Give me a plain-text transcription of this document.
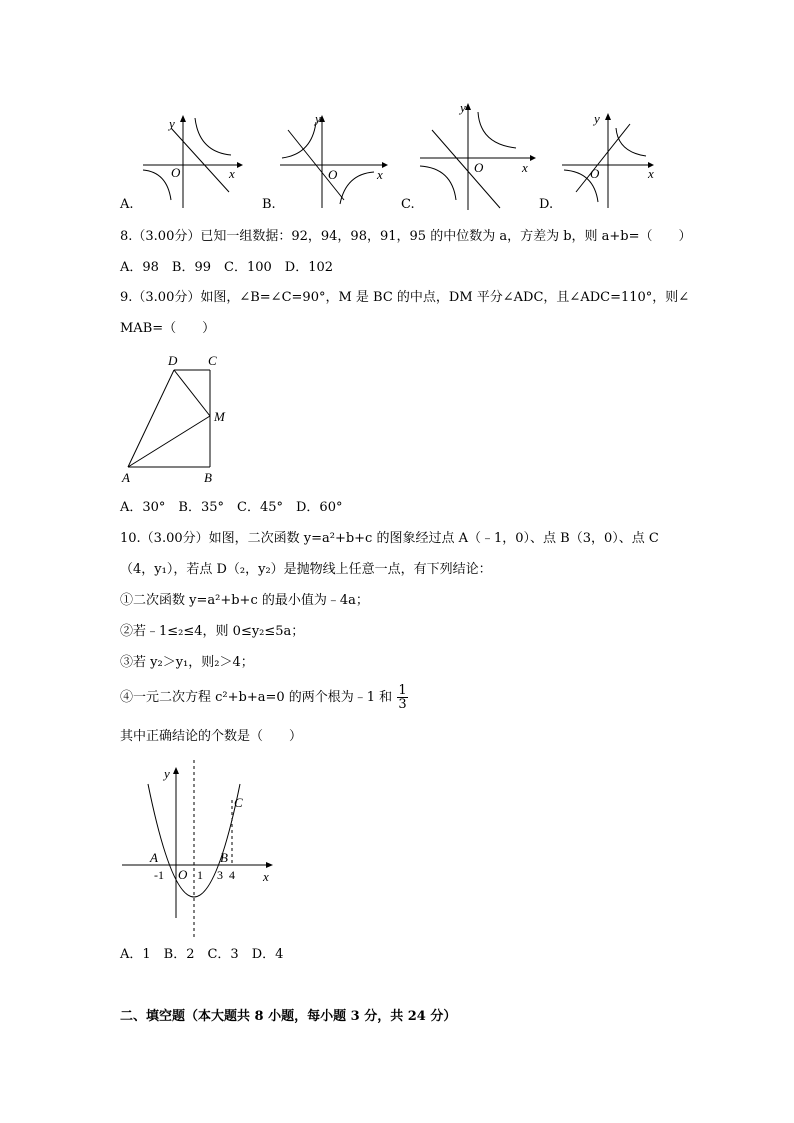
y
x
O
A.
y
x
O
B.
y
x
O
C.
y
x
O
D.
8.（3.00分）已知一组数据：92，94，98，91，95 的中位数为 a，方差为 b，则 a+b=（　　）
A．98　B．99　C．100　D．102
9.（3.00分）如图，∠B=∠C=90°，M 是 BC 的中点，DM 平分∠ADC，且∠ADC=110°，则∠
MAB=（　　）
D C
M
A	B
A．30°　B．35°　C．45°　D．60°
10.（3.00分）如图，二次函数 y=a²+b+c 的图象经过点 A（﹣1，0）、点 B（3，0）、点 C
（4，y₁），若点 D（₂，y₂）是抛物线上任意一点，有下列结论：
①二次函数 y=a²+b+c 的最小值为﹣4a；
②若﹣1≤₂≤4，则 0≤y₂≤5a；
③若 y₂＞y₁，则₂＞4；
④一元二次方程 c²+b+a=0 的两个根为﹣1 和 $\frac{1}{3}$
其中正确结论的个数是（　　）
y
C
A	B
-1 O 1 3 4 x
A．1　B．2　C．3　D．4
二、填空题（本大题共 8 小题，每小题 3 分，共 24 分）
